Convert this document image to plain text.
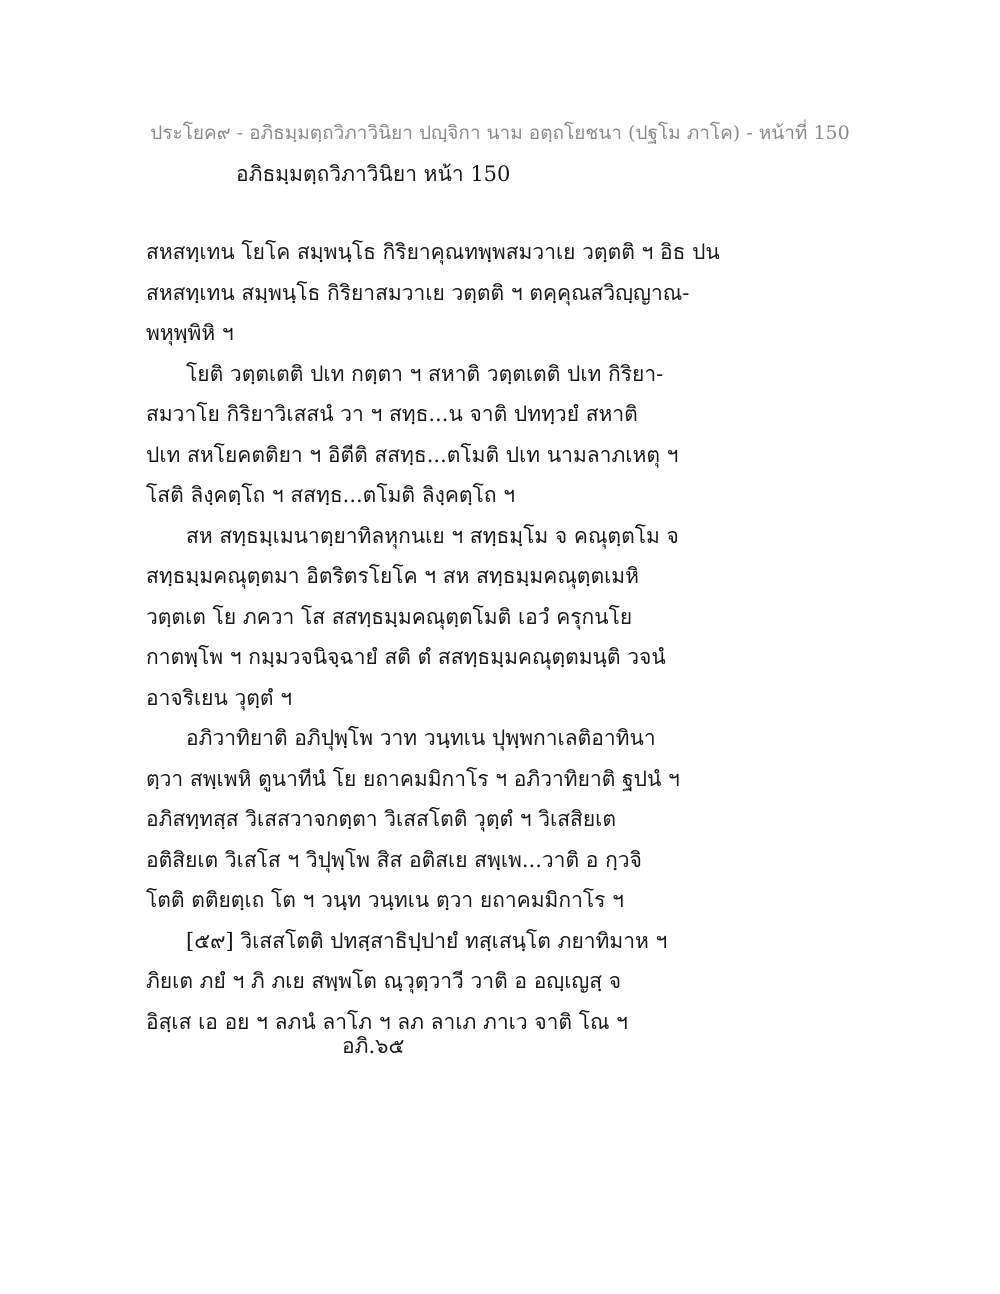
ประโยค๙ - อภิธมฺมตฺถวิภาวินิยา ปญฺจิกา นาม อตฺถโยชนา (ปฐโม ภาโค) - หน้าที่ 150
อภิธมฺมตฺถวิภาวินิยา หน้า 150
สหสทฺเทน โยโค สมฺพนฺโธ กิริยาคุณทพฺพสมวาเย วตฺตติ ฯ อิธ ปน
สหสทฺเทน สมฺพนฺโธ กิริยาสมวาเย วตฺตติ ฯ ตคฺคุณสวิญฺญาณ-
พหุพฺพิหิ ฯ
โยติ วตฺตเตติ ปเท กตฺตา ฯ สหาติ วตฺตเตติ ปเท กิริยา-
สมวาโย กิริยาวิเสสนํ วา ฯ สทฺธ...น จาติ ปททฺวยํ สหาติ
ปเท สหโยคตติยา ฯ อิตีติ สสทฺธ...ตโมติ ปเท นามลาภเหตุ ฯ
โสติ ลิงฺคตฺโถ ฯ สสทฺธ...ตโมติ ลิงฺคตฺโถ ฯ
สห สทฺธมฺเมนาตฺยาทิลหุกนเย ฯ สทฺธมฺโม จ คณุตฺตโม จ
สทฺธมฺมคณุตฺตมา อิตริตรโยโค ฯ สห สทฺธมฺมคณุตฺตเมหิ
วตฺตเต โย ภควา โส สสทฺธมฺมคณุตฺตโมติ เอวํ ครุกนโย
กาตพฺโพ ฯ กมฺมวจนิจฺฉายํ สติ ตํ สสทฺธมฺมคณุตฺตมนฺติ วจนํ
อาจริเยน วุตฺตํ ฯ
อภิวาทิยาติ อภิปุพฺโพ วาท วนฺทเน ปุพฺพกาเลติอาทินา
ตฺวา สพฺเพหิ ตูนาทีนํ โย ยถาคมมิกาโร ฯ อภิวาทิยาติ ฐปนํ ฯ
อภิสทฺทสฺส วิเสสวาจกตฺตา วิเสสโตติ วุตฺตํ ฯ วิเสสิยเต
อติสิยเต วิเสโส ฯ วิปุพฺโพ สิส อติสเย สพฺเพ...วาติ อ กฺวจิ
โตติ ตติยตฺเถ โต ฯ วนฺท วนฺทเน ตฺวา ยถาคมมิกาโร ฯ
[๕๙] วิเสสโตติ ปทสฺสาธิปฺปายํ ทสฺเสนฺโต ภยาทิมาห ฯ
ภิยเต ภยํ ฯ ภิ ภเย สพฺพโต ณฺวุตฺวาวี วาติ อ อญฺเญสฺ จ
อิสฺเส เอ อย ฯ ลภนํ ลาโภ ฯ ลภ ลาเภ ภาเว จาติ โณ ฯ
อภิ.๖๕
